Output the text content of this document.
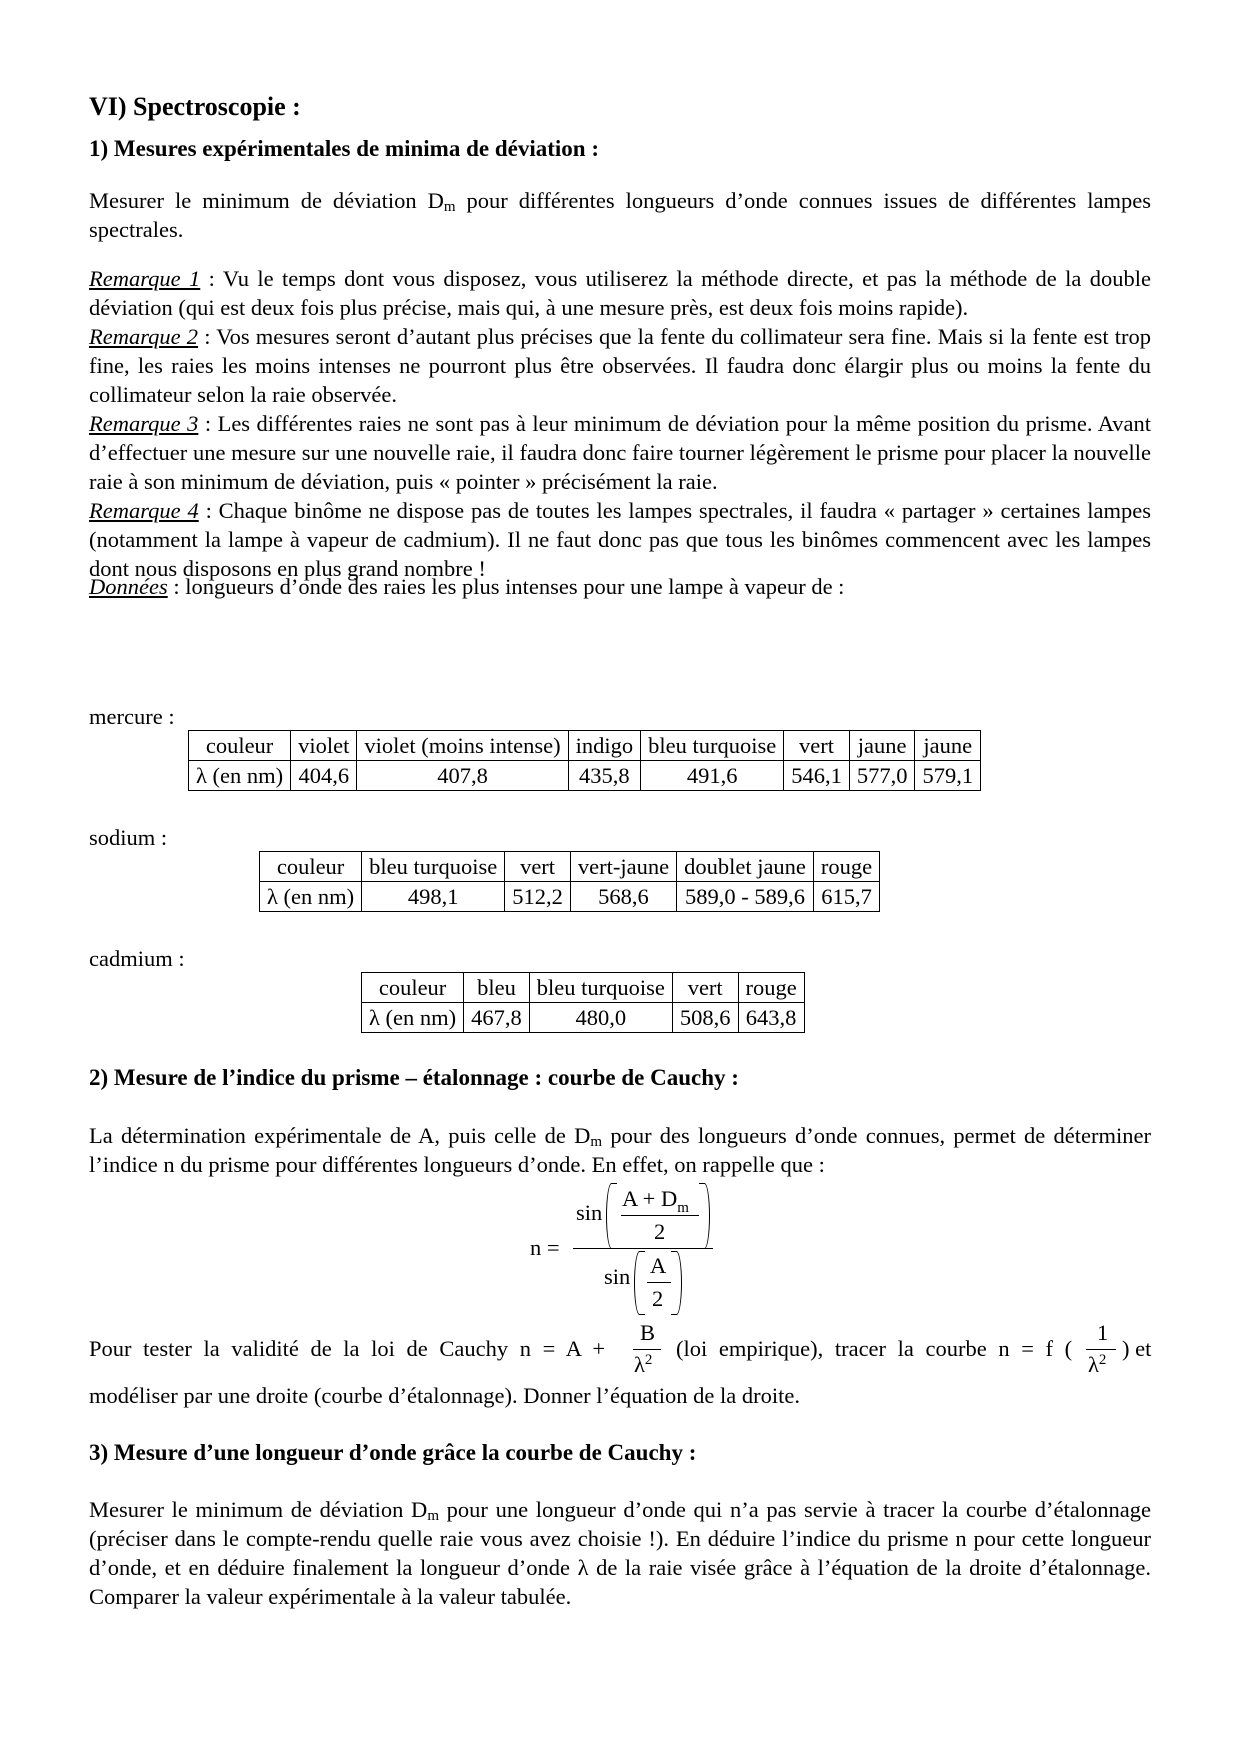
VI) Spectroscopie :
1) Mesures expérimentales de minima de déviation :
Mesurer le minimum de déviation $D_m$ pour différentes longueurs d’onde connues issues de différentes lampes spectrales.
Remarque 1 : Vu le temps dont vous disposez, vous utiliserez la méthode directe, et pas la méthode de la double déviation (qui est deux fois plus précise, mais qui, à une mesure près, est deux fois moins rapide).
Remarque 2 : Vos mesures seront d’autant plus précises que la fente du collimateur sera fine. Mais si la fente est trop fine, les raies les moins intenses ne pourront plus être observées. Il faudra donc élargir plus ou moins la fente du collimateur selon la raie observée.
Remarque 3 : Les différentes raies ne sont pas à leur minimum de déviation pour la même position du prisme. Avant d’effectuer une mesure sur une nouvelle raie, il faudra donc faire tourner légèrement le prisme pour placer la nouvelle raie à son minimum de déviation, puis « pointer » précisément la raie.
Remarque 4 : Chaque binôme ne dispose pas de toutes les lampes spectrales, il faudra « partager » certaines lampes (notamment la lampe à vapeur de cadmium). Il ne faut donc pas que tous les binômes commencent avec les lampes dont nous disposons en plus grand nombre !
Données : longueurs d’onde des raies les plus intenses pour une lampe à vapeur de :
mercure :
couleur	violet	violet (moins intense)	indigo	bleu turquoise	vert	jaune	jaune
λ (en nm)	404,6	407,8	435,8	491,6	546,1	577,0	579,1
sodium :
couleur	bleu turquoise	vert	vert-jaune	doublet jaune	rouge
λ (en nm)	498,1	512,2	568,6	589,0 - 589,6	615,7
cadmium :
couleur	bleu	bleu turquoise	vert	rouge
λ (en nm)	467,8	480,0	508,6	643,8
2) Mesure de l’indice du prisme – étalonnage : courbe de Cauchy :
La détermination expérimentale de A, puis celle de $D_m$ pour des longueurs d’onde connues, permet de déterminer l’indice n du prisme pour différentes longueurs d’onde. En effet, on rappelle que :
n =
sin
$A + D_m$
2
sin A
2
Pour tester la validité de la loi de Cauchy n = A +
B
$\lambda^2$ (loi empirique), tracer la courbe n = f (
1
$\lambda^2$ ) et
modéliser par une droite (courbe d’étalonnage). Donner l’équation de la droite.
3) Mesure d’une longueur d’onde grâce la courbe de Cauchy :
Mesurer le minimum de déviation $D_m$ pour une longueur d’onde qui n’a pas servie à tracer la courbe d’étalonnage (préciser dans le compte-rendu quelle raie vous avez choisie !). En déduire l’indice du prisme n pour cette longueur d’onde, et en déduire finalement la longueur d’onde λ de la raie visée grâce à l’équation de la droite d’étalonnage. Comparer la valeur expérimentale à la valeur tabulée.
